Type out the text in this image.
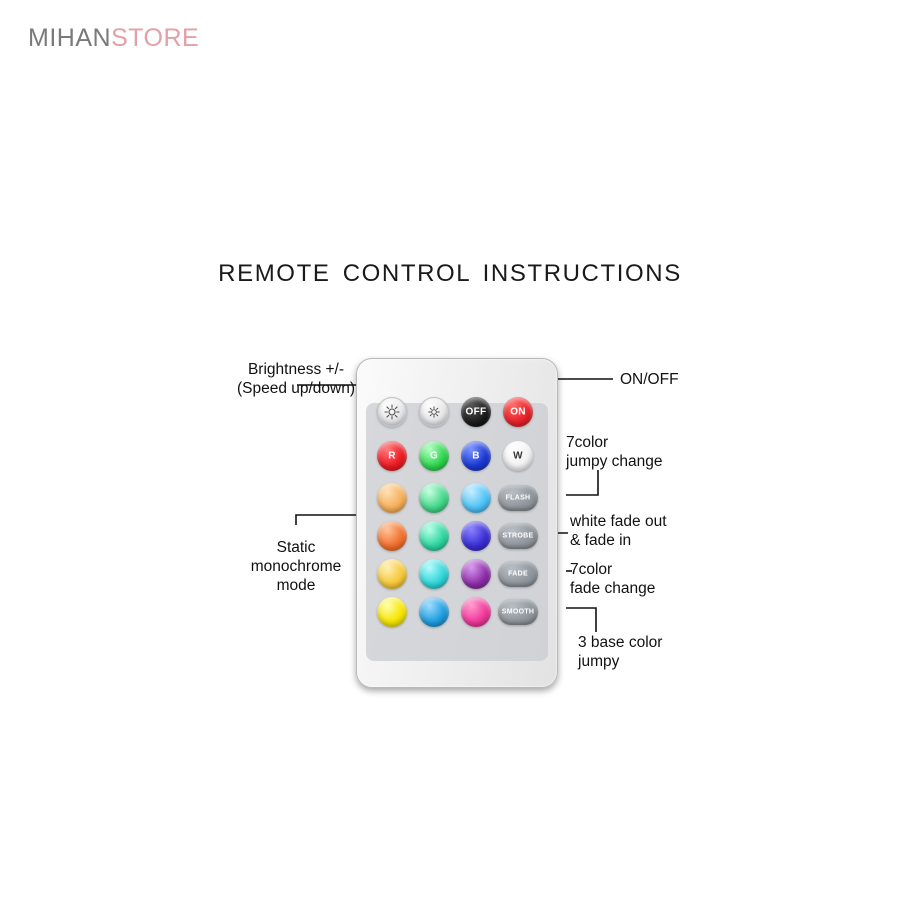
MIHANSTORE
REMOTE CONTROL INSTRUCTIONS
OFF	ON
R	G	B	W
FLASH
STROBE
FADE
SMOOTH
Brightness +/-
(Speed up/down)
ON/OFF
7color
jumpy change
Static
monochrome
mode
white fade out
& fade in
7color
fade change
3 base color
jumpy
